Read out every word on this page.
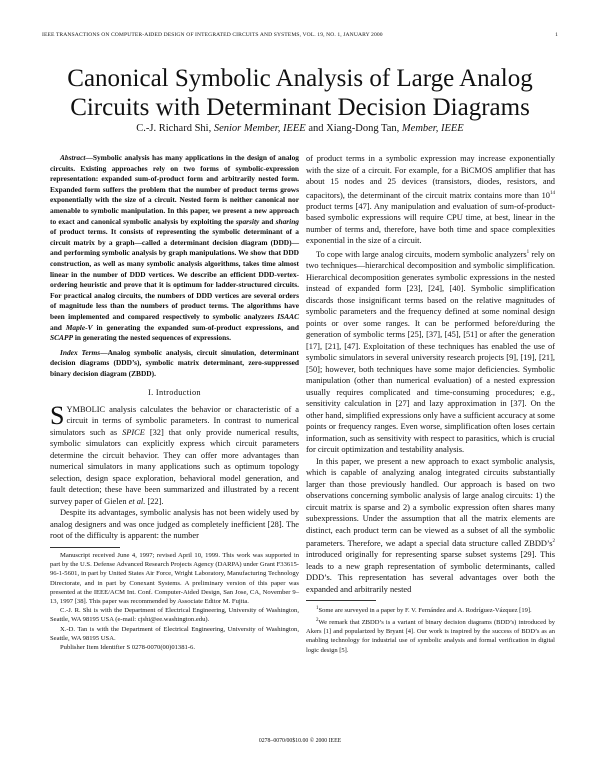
IEEE TRANSACTIONS ON COMPUTER-AIDED DESIGN OF INTEGRATED CIRCUITS AND SYSTEMS, VOL. 19, NO. 1, JANUARY 2000	1
Canonical Symbolic Analysis of Large Analog
Circuits with Determinant Decision Diagrams
C.-J. Richard Shi, Senior Member, IEEE and Xiang-Dong Tan, Member, IEEE

Abstract—Symbolic analysis has many applications in the design of analog circuits. Existing approaches rely on two forms of symbolic-expression representation: expanded sum-of-product form and arbitrarily nested form. Expanded form suffers the problem that the number of product terms grows exponentially with the size of a circuit. Nested form is neither canonical nor amenable to symbolic manipulation. In this paper, we present a new approach to exact and canonical symbolic analysis by exploiting the sparsity and sharing of product terms. It consists of representing the symbolic determinant of a circuit matrix by a graph—called a determinant decision diagram (DDD)—and performing symbolic analysis by graph manipulations. We show that DDD construction, as well as many symbolic analysis algorithms, takes time almost linear in the number of DDD vertices. We describe an efficient DDD-vertex-ordering heuristic and prove that it is optimum for ladder-structured circuits. For practical analog circuits, the numbers of DDD vertices are several orders of magnitude less than the numbers of product terms. The algorithms have been implemented and compared respectively to symbolic analyzers ISAAC and Maple-V in generating the expanded sum-of-product expressions, and SCAPP in generating the nested sequences of expressions.

Index Terms—Analog symbolic analysis, circuit simulation, determinant decision diagrams (DDD’s), symbolic matrix determinant, zero-suppressed binary decision diagram (ZBDD).

I. Introduction

SYMBOLIC analysis calculates the behavior or characteristic of a circuit in terms of symbolic parameters. In contrast to numerical simulators such as SPICE [32] that only provide numerical results, symbolic simulators can explicitly express which circuit parameters determine the circuit behavior. They can offer more advantages than numerical simulators in many applications such as optimum topology selection, design space exploration, behavioral model generation, and fault detection; these have been summarized and illustrated by a recent survey paper of Gielen et al. [22].

Despite its advantages, symbolic analysis has not been widely used by analog designers and was once judged as completely inefficient [28]. The root of the difficulty is apparent: the number

Manuscript received June 4, 1997; revised April 10, 1999. This work was supported in part by the U.S. Defense Advanced Research Projects Agency (DARPA) under Grant F33615-96-1-5601, in part by United States Air Force, Wright Laboratory, Manufacturing Technology Directorate, and in part by Conexant Systems. A preliminary version of this paper was presented at the IEEE/ACM Int. Conf. Computer-Aided Design, San Jose, CA, November 9–13, 1997 [38]. This paper was recommended by Associate Editor M. Fujita.

C.-J. R. Shi is with the Department of Electrical Engineering, University of Washington, Seattle, WA 98195 USA (e-mail: cjshi@ee.washington.edu).

X.-D. Tan is with the Department of Electrical Engineering, University of Washington, Seattle, WA 98195 USA.

Publisher Item Identifier S 0278-0070(00)01381-6.

of product terms in a symbolic expression may increase exponentially with the size of a circuit. For example, for a BiCMOS amplifier that has about 15 nodes and 25 devices (transistors, diodes, resistors, and capacitors), the determinant of the circuit matrix contains more than $10^{14}$ product terms [47]. Any manipulation and evaluation of sum-of-product-based symbolic expressions will require CPU time, at best, linear in the number of terms and, therefore, have both time and space complexities exponential in the size of a circuit.

To cope with large analog circuits, modern symbolic analyzers$^1$ rely on two techniques—hierarchical decomposition and symbolic simplification. Hierarchical decomposition generates symbolic expressions in the nested instead of expanded form [23], [24], [40]. Symbolic simplification discards those insignificant terms based on the relative magnitudes of symbolic parameters and the frequency defined at some nominal design points or over some ranges. It can be performed before/during the generation of symbolic terms [25], [37], [45], [51] or after the generation [17], [21], [47]. Exploitation of these techniques has enabled the use of symbolic simulators in several university research projects [9], [19], [21], [50]; however, both techniques have some major deficiencies. Symbolic manipulation (other than numerical evaluation) of a nested expression usually requires complicated and time-consuming procedures; e.g., sensitivity calculation in [27] and lazy approximation in [37]. On the other hand, simplified expressions only have a sufficient accuracy at some points or frequency ranges. Even worse, simplification often loses certain information, such as sensitivity with respect to parasitics, which is crucial for circuit optimization and testability analysis.

In this paper, we present a new approach to exact symbolic analysis, which is capable of analyzing analog integrated circuits substantially larger than those previously handled. Our approach is based on two observations concerning symbolic analysis of large analog circuits: 1) the circuit matrix is sparse and 2) a symbolic expression often shares many subexpressions. Under the assumption that all the matrix elements are distinct, each product term can be viewed as a subset of all the symbolic parameters. Therefore, we adapt a special data structure called $ZBDD’s^2$ introduced originally for representing sparse subset systems [29]. This leads to a new graph representation of symbolic determinants, called DDD’s. This representation has several advantages over both the expanded and arbitrarily nested

$^1$Some are surveyed in a paper by F. V. Fernández and A. Rodríguez-Vázquez [19].

$^2$We remark that ZBDD’s is a variant of binary decision diagrams (BDD’s) introduced by Akers [1] and popularized by Bryant [4]. Our work is inspired by the success of BDD’s as an enabling technology for industrial use of symbolic analysis and formal verification in digital logic design [5].

0278–0070/00$10.00 © 2000 IEEE
